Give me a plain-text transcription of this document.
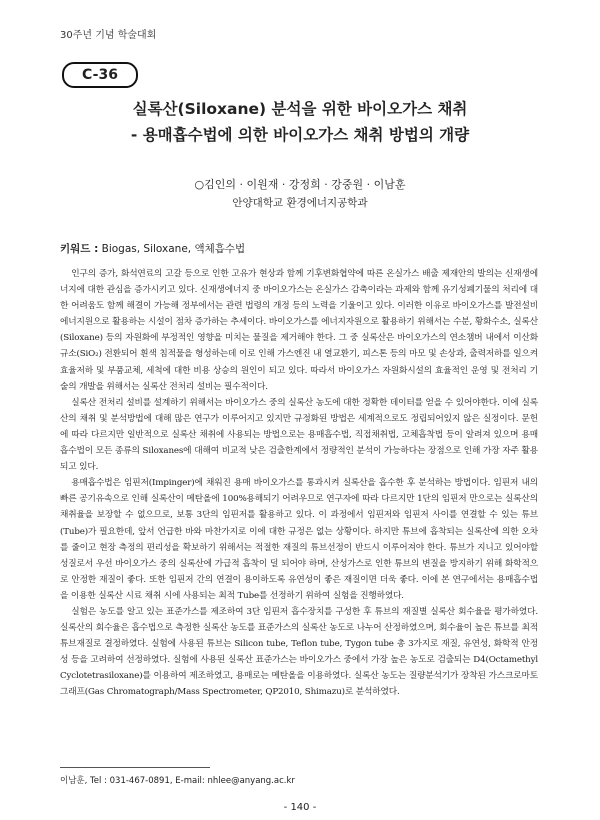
30주년 기념 학술대회
C-36
실록산(Siloxane) 분석을 위한 바이오가스 채취
- 용매흡수법에 의한 바이오가스 채취 방법의 개량
○김인의 · 이원재 · 강정희 · 강중원 · 이남훈
안양대학교 환경에너지공학과
키워드 : Biogas, Siloxane, 액체흡수법

인구의 증가, 화석연료의 고갈 등으로 인한 고유가 현상과 함께 기후변화협약에 따른 온실가스 배출 제재안의 발의는 신재생에너지에 대한 관심을 증가시키고 있다. 신재생에너지 중 바이오가스는 온실가스 감축이라는 과제와 함께 유기성폐기물의 처리에 대한 어려움도 함께 해결이 가능해 정부에서는 관련 법령의 개정 등의 노력을 기울이고 있다. 이러한 이유로 바이오가스를 발전설비 에너지원으로 활용하는 시설이 점차 증가하는 추세이다. 바이오가스를 에너지자원으로 활용하기 위해서는 수분, 황화수소, 실록산(Siloxane) 등의 자원화에 부정적인 영향을 미치는 물질을 제거해야 한다. 그 중 실록산은 바이오가스의 연소챔버 내에서 이산화규소(SiO₂) 전환되어 흰색 침적물을 형성하는데 이로 인해 가스엔진 내 열교환기, 피스톤 등의 마모 및 손상과, 출력저하를 일으켜 효율저하 및 부품교체, 세척에 대한 비용 상승의 원인이 되고 있다. 따라서 바이오가스 자원화시설의 효율적인 운영 및 전처리 기술의 개발을 위해서는 실록산 전처리 설비는 필수적이다.

실록산 전처리 설비를 설계하기 위해서는 바이오가스 중의 실록산 농도에 대한 정확한 데이터를 얻을 수 있어야한다. 이에 실록산의 채취 및 분석방법에 대해 많은 연구가 이루어지고 있지만 규정화된 방법은 세계적으로도 정립되어있지 않은 실정이다. 문헌에 따라 다르지만 일반적으로 실록산 채취에 사용되는 방법으로는 용매흡수법, 직접채취법, 고체흡착법 등이 알려져 있으며 용매흡수법이 모든 종류의 Siloxanes에 대해여 비교적 낮은 검출한계에서 정량적인 분석이 가능하다는 장점으로 인해 가장 자주 활용되고 있다.

용매흡수법은 임핀저(Impinger)에 채워진 용매 바이오가스를 통과시켜 실록산을 흡수한 후 분석하는 방법이다. 임핀저 내의 빠른 공기유속으로 인해 실록산이 메탄올에 100%용해되기 어려우므로 연구자에 따라 다르지만 1단의 임핀저 만으로는 실록산의 채취율을 보장할 수 없으므로, 보통 3단의 임핀저를 활용하고 있다. 이 과정에서 임핀저와 임핀저 사이를 연결할 수 있는 튜브(Tube)가 필요한데, 앞서 언급한 바와 마찬가지로 이에 대한 규정은 없는 상황이다. 하지만 튜브에 흡착되는 실록산에 의한 오차를 줄이고 현장 측정의 편리성을 확보하기 위해서는 적절한 재질의 튜브선정이 반드시 이루어져야 한다. 튜브가 지니고 있어야할 성질로서 우선 바이오가스 중의 실록산에 가급적 흡착이 덜 되어야 하며, 산성가스로 인한 튜브의 변질을 방지하기 위해 화학적으로 안정한 재질이 좋다. 또한 임핀저 간의 연결이 용이하도록 유연성이 좋은 재질이면 더욱 좋다. 이에 본 연구에서는 용매흡수법을 이용한 실록산 시료 채취 시에 사용되는 최적 Tube를 선정하기 위하여 실험을 진행하였다.

실험은 농도를 알고 있는 표준가스를 제조하여 3단 임핀저 흡수장치를 구성한 후 튜브의 재질별 실록산 회수율을 평가하였다. 실록산의 회수율은 흡수법으로 측정한 실록산 농도를 표준가스의 실록산 농도로 나누어 산정하였으며, 회수율이 높은 튜브를 최적 튜브재질로 결정하였다. 실험에 사용된 튜브는 Silicon tube, Teflon tube, Tygon tube 총 3가지로 재질, 유연성, 화학적 안정성 등을 고려하여 선정하였다. 실험에 사용된 실록산 표준가스는 바이오가스 중에서 가장 높은 농도로 검출되는 D4(Octamethyl Cyclotetrasiloxane)를 이용하여 제조하였고, 용매로는 메탄올을 이용하였다. 실록산 농도는 질량분석기가 장착된 가스크로마토그래프(Gas Chromatograph/Mass Spectrometer, QP2010, Shimazu)로 분석하였다.

이남훈, Tel : 031-467-0891, E-mail: nhlee@anyang.ac.kr
- 140 -
